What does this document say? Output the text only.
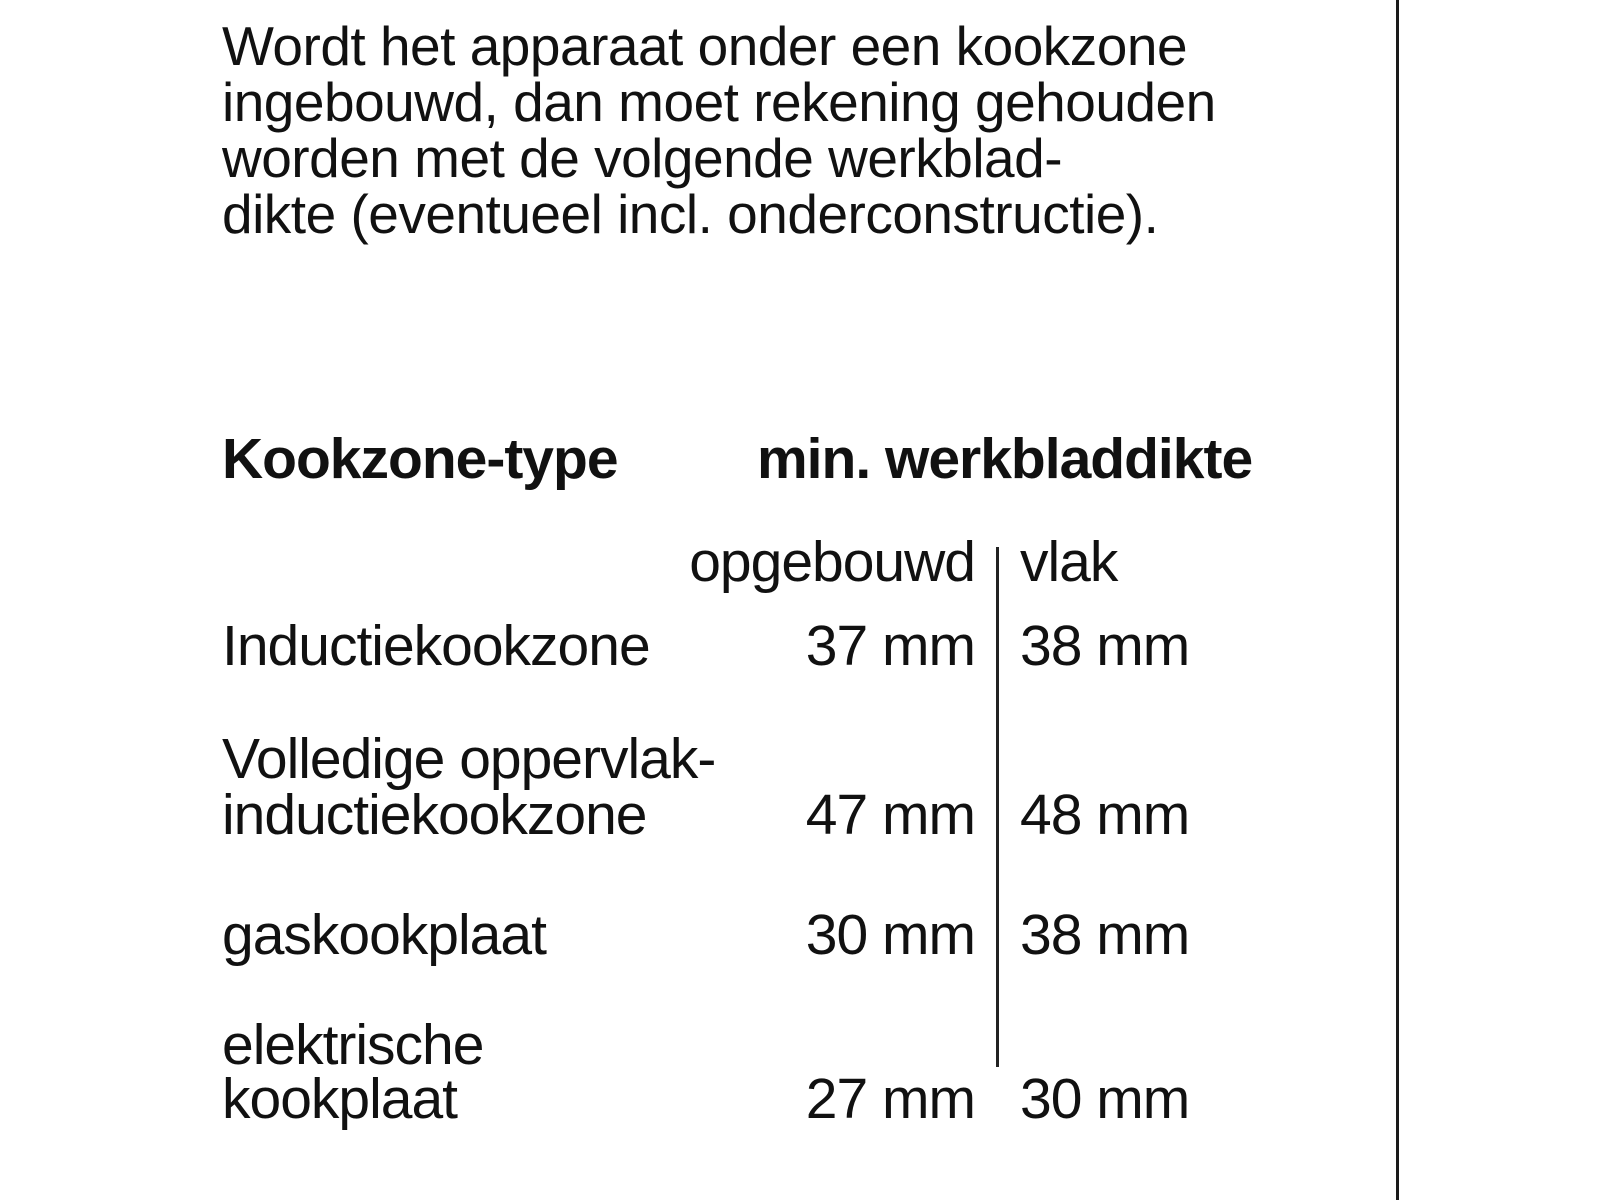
Wordt het apparaat onder een kookzone
ingebouwd, dan moet rekening gehouden
worden met de volgende werkblad-
dikte (eventueel incl. onderconstructie).
Kookzone-type min. werkbladdikte
opgebouwd vlak
Inductiekookzone	37 mm 38 mm
Volledige oppervlak-
inductiekookzone	47 mm 48 mm
gaskookplaat	30 mm 38 mm
elektrische
kookplaat	27 mm 30 mm
